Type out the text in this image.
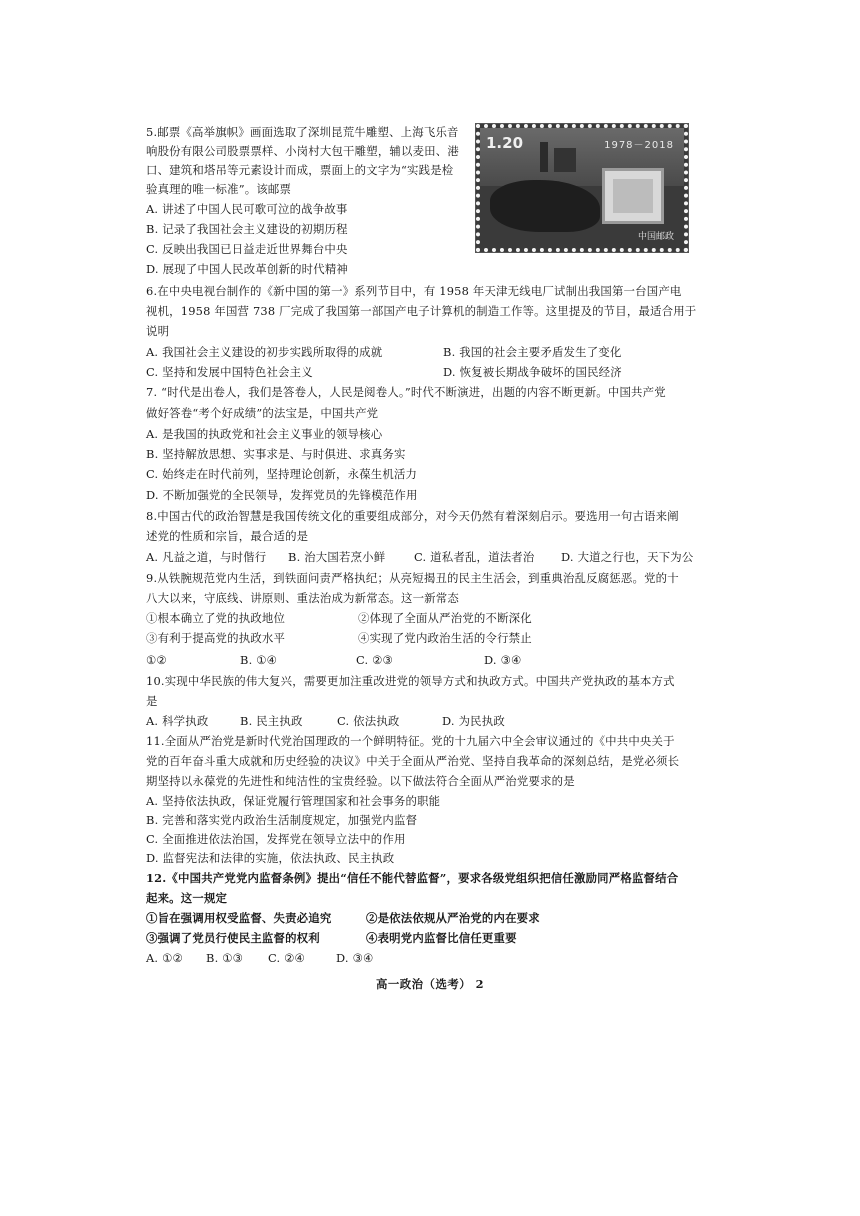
1.20	1978－2018
中国邮政
5.邮票《高举旗帜》画面选取了深圳昆荒牛雕塑、上海飞乐音
响股份有限公司股票票样、小岗村大包干雕塑，辅以麦田、港
口、建筑和塔吊等元素设计而成，票面上的文字为“实践是检
验真理的唯一标准”。该邮票
A. 讲述了中国人民可歌可泣的战争故事
B. 记录了我国社会主义建设的初期历程
C. 反映出我国已日益走近世界舞台中央
D. 展现了中国人民改革创新的时代精神
6.在中央电视台制作的《新中国的第一》系列节目中，有 1958 年天津无线电厂试制出我国第一台国产电
视机，1958 年国营 738 厂完成了我国第一部国产电子计算机的制造工作等。这里提及的节目，最适合用于
说明
A. 我国社会主义建设的初步实践所取得的成就	B. 我国的社会主要矛盾发生了变化
C. 坚持和发展中国特色社会主义	D. 恢复被长期战争破坏的国民经济
7. “时代是出卷人，我们是答卷人，人民是阅卷人。”时代不断演进，出题的内容不断更新。中国共产党
做好答卷“考个好成绩”的法宝是，中国共产党
A. 是我国的执政党和社会主义事业的领导核心
B. 坚持解放思想、实事求是、与时俱进、求真务实
C. 始终走在时代前列，坚持理论创新，永葆生机活力
D. 不断加强党的全民领导，发挥党员的先锋模范作用
8.中国古代的政治智慧是我国传统文化的重要组成部分，对今天仍然有着深刻启示。要选用一句古语来阐
述党的性质和宗旨，最合适的是
A. 凡益之道，与时偕行 B. 治大国若烹小鲜	C. 道私者乱，道法者治 D. 大道之行也，天下为公
9.从铁腕规范党内生活，到铁面问责严格执纪；从亮短揭丑的民主生活会，到重典治乱反腐惩恶。党的十
八大以来，守底线、讲原则、重法治成为新常态。这一新常态
①根本确立了党的执政地位	②体现了全面从严治党的不断深化
③有利于提高党的执政水平	④实现了党内政治生活的令行禁止
①②	B. ①④	C. ②③	D. ③④
10.实现中华民族的伟大复兴，需要更加注重改进党的领导方式和执政方式。中国共产党执政的基本方式
是
A. 科学执政	B. 民主执政	C. 依法执政	D. 为民执政
11.全面从严治党是新时代党治国理政的一个鲜明特征。党的十九届六中全会审议通过的《中共中央关于
党的百年奋斗重大成就和历史经验的决议》中关于全面从严治党、坚持自我革命的深刻总结，是党必须长
期坚持以永葆党的先进性和纯洁性的宝贵经验。以下做法符合全面从严治党要求的是
A. 坚持依法执政，保证党履行管理国家和社会事务的职能
B. 完善和落实党内政治生活制度规定，加强党内监督
C. 全面推进依法治国，发挥党在领导立法中的作用
D. 监督宪法和法律的实施，依法执政、民主执政
12.《中国共产党党内监督条例》提出“信任不能代替监督”，要求各级党组织把信任激励同严格监督结合
起来。这一规定
①旨在强调用权受监督、失责必追究	②是依法依规从严治党的内在要求
③强调了党员行使民主监督的权利	④表明党内监督比信任更重要
A. ①② B. ①③ C. ②④	D. ③④
高一政治（选考） 2
